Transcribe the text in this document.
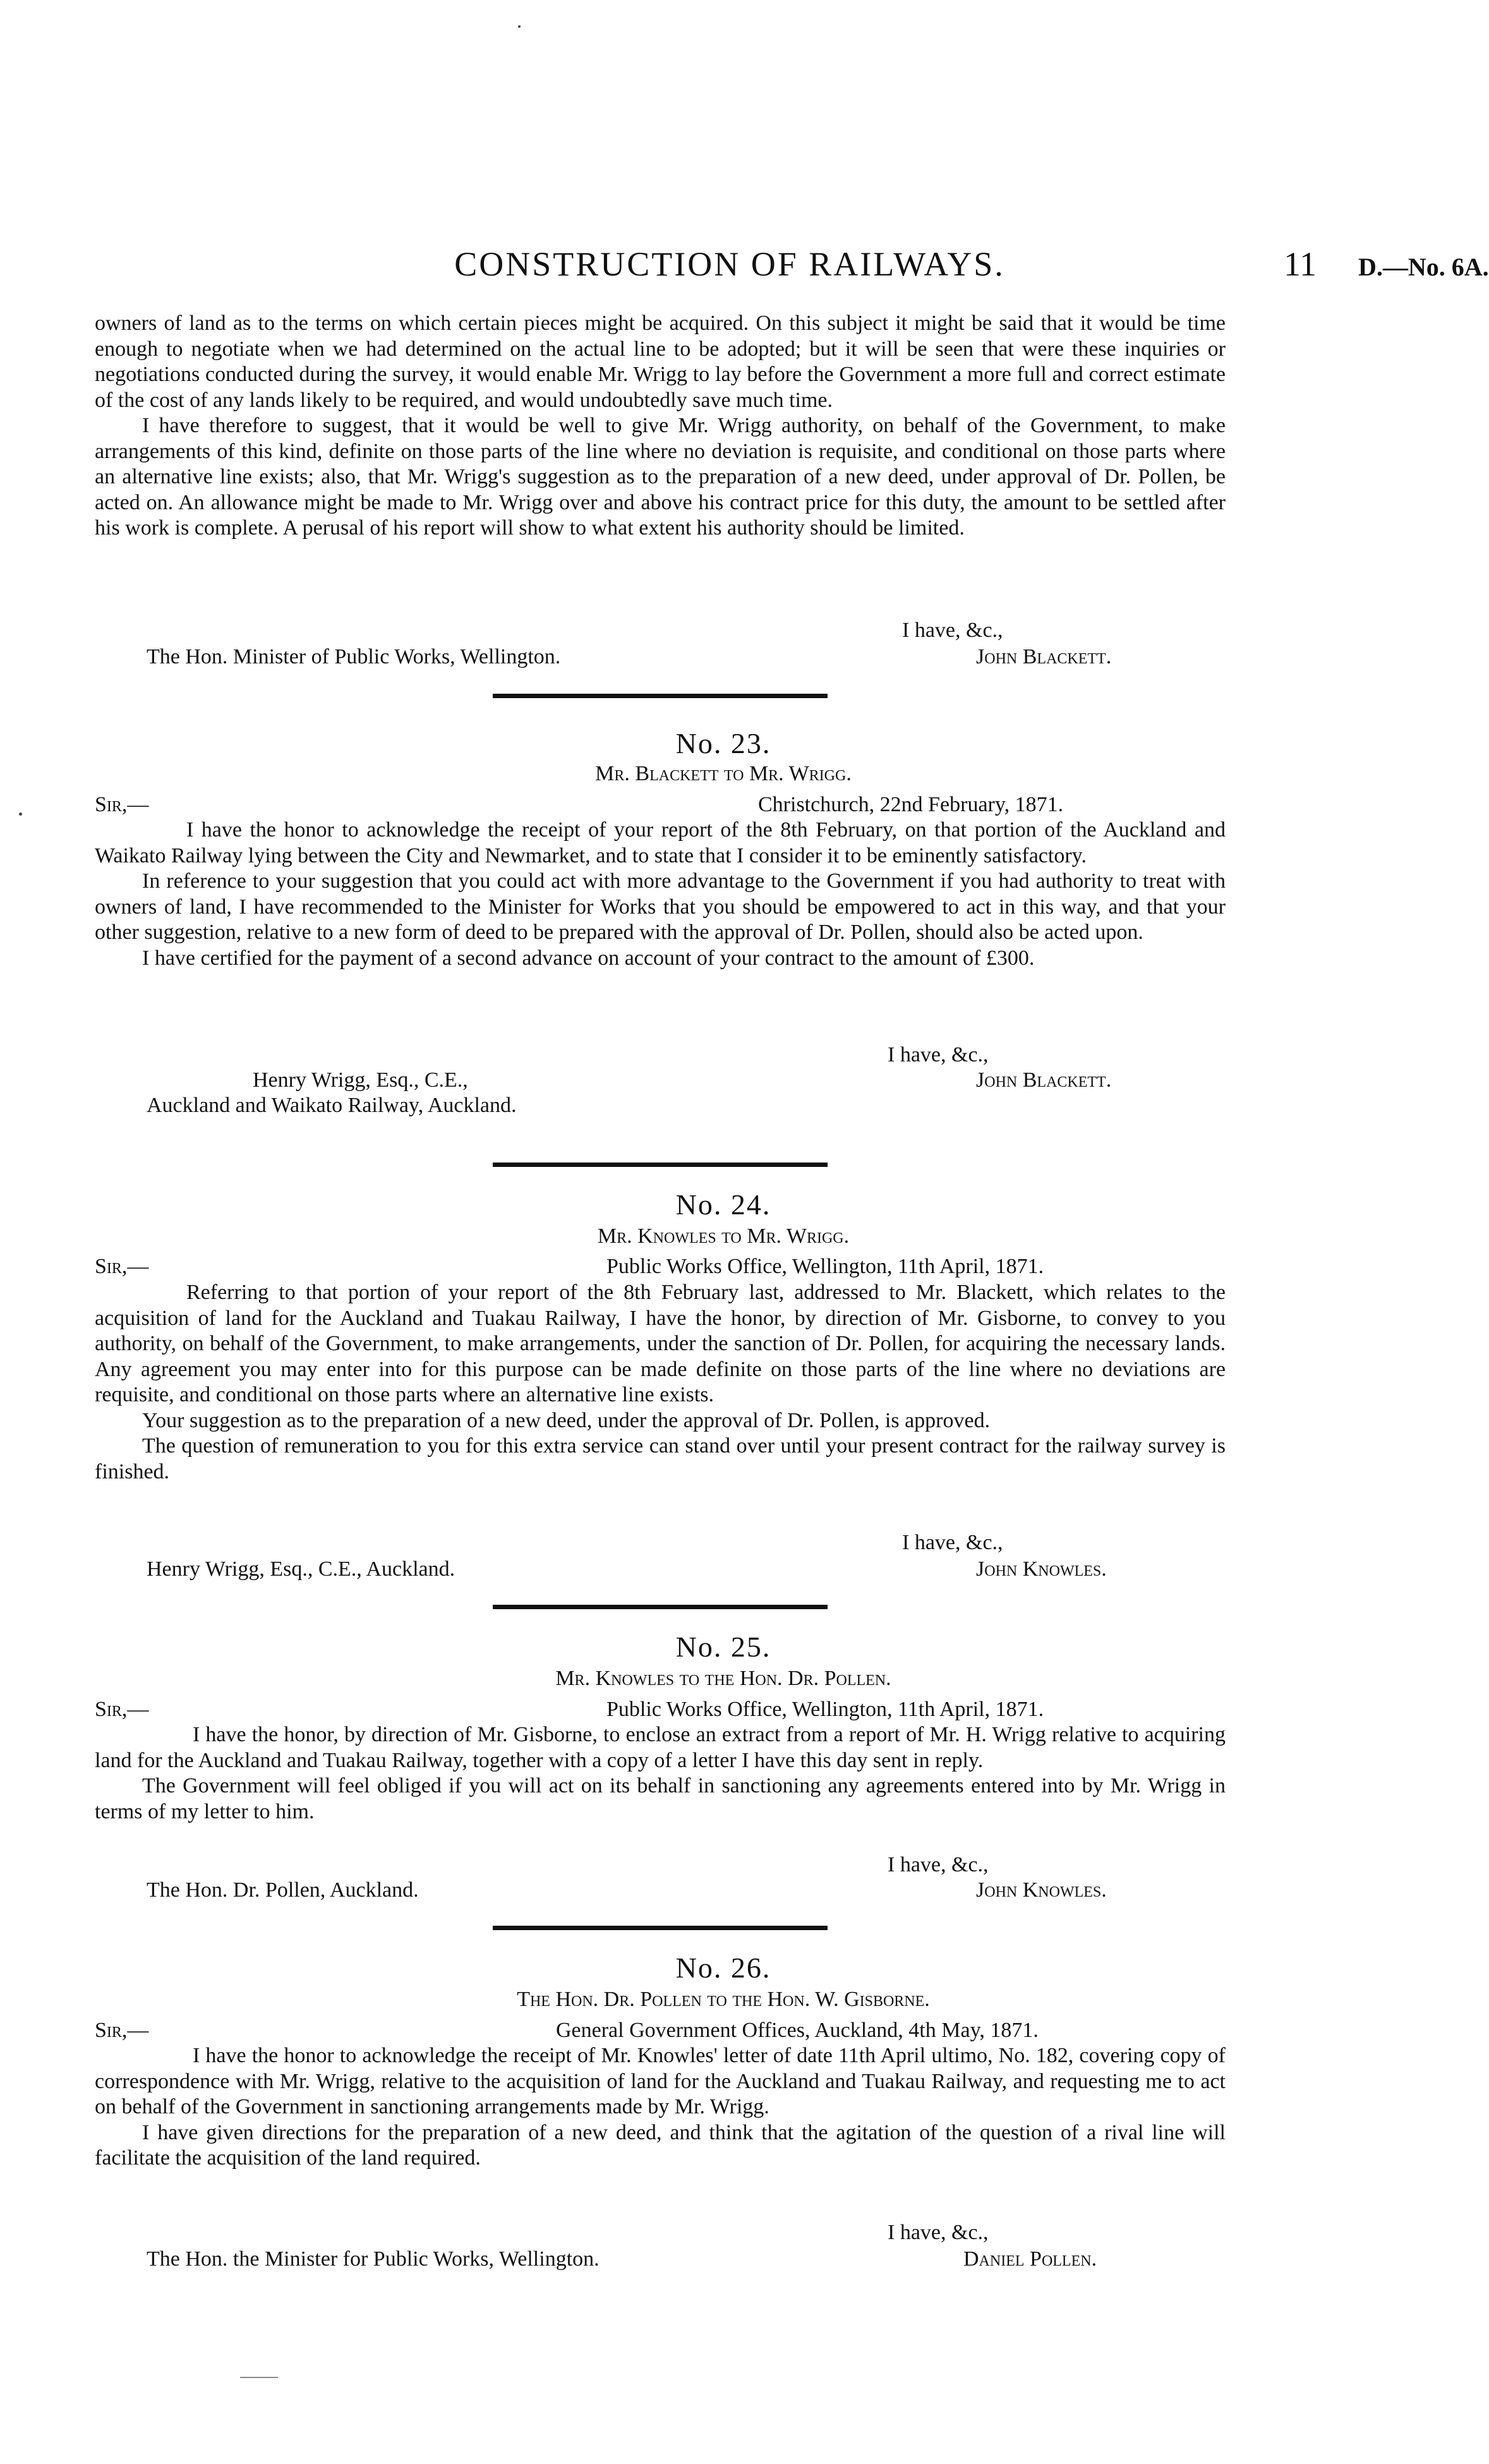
CONSTRUCTION OF RAILWAYS.	11 D.—No. 6A.

owners of land as to the terms on which certain pieces might be acquired. On this subject it might be said that it would be time enough to negotiate when we had determined on the actual line to be adopted; but it will be seen that were these inquiries or negotiations conducted during the survey, it would enable Mr. Wrigg to lay before the Government a more full and correct estimate of the cost of any lands likely to be required, and would undoubtedly save much time.

I have therefore to suggest, that it would be well to give Mr. Wrigg authority, on behalf of the Government, to make arrangements of this kind, definite on those parts of the line where no deviation is requisite, and conditional on those parts where an alternative line exists; also, that Mr. Wrigg's suggestion as to the preparation of a new deed, under approval of Dr. Pollen, be acted on. An allowance might be made to Mr. Wrigg over and above his contract price for this duty, the amount to be settled after his work is complete. A perusal of his report will show to what extent his authority should be limited.

I have, &c.,
The Hon. Minister of Public Works, Wellington.	John Blackett.
No. 23.
Mr. Blackett to Mr. Wrigg.
Sir,—	Christchurch, 22nd February, 1871.

I have the honor to acknowledge the receipt of your report of the 8th February, on that portion of the Auckland and Waikato Railway lying between the City and Newmarket, and to state that I consider it to be eminently satisfactory.

In reference to your suggestion that you could act with more advantage to the Government if you had authority to treat with owners of land, I have recommended to the Minister for Works that you should be empowered to act in this way, and that your other suggestion, relative to a new form of deed to be prepared with the approval of Dr. Pollen, should also be acted upon.

I have certified for the payment of a second advance on account of your contract to the amount of £300.

I have, &c.,
Henry Wrigg, Esq., C.E.,	John Blackett.
Auckland and Waikato Railway, Auckland.
No. 24.
Mr. Knowles to Mr. Wrigg.
Sir,—	Public Works Office, Wellington, 11th April, 1871.

Referring to that portion of your report of the 8th February last, addressed to Mr. Blackett, which relates to the acquisition of land for the Auckland and Tuakau Railway, I have the honor, by direction of Mr. Gisborne, to convey to you authority, on behalf of the Government, to make arrangements, under the sanction of Dr. Pollen, for acquiring the necessary lands. Any agreement you may enter into for this purpose can be made definite on those parts of the line where no deviations are requisite, and conditional on those parts where an alternative line exists.

Your suggestion as to the preparation of a new deed, under the approval of Dr. Pollen, is approved.

The question of remuneration to you for this extra service can stand over until your present contract for the railway survey is finished.

I have, &c.,
Henry Wrigg, Esq., C.E., Auckland.	John Knowles.
No. 25.
Mr. Knowles to the Hon. Dr. Pollen.
Sir,—	Public Works Office, Wellington, 11th April, 1871.

I have the honor, by direction of Mr. Gisborne, to enclose an extract from a report of Mr. H. Wrigg relative to acquiring land for the Auckland and Tuakau Railway, together with a copy of a letter I have this day sent in reply.

The Government will feel obliged if you will act on its behalf in sanctioning any agreements entered into by Mr. Wrigg in terms of my letter to him.

I have, &c.,
The Hon. Dr. Pollen, Auckland.	John Knowles.
No. 26.
The Hon. Dr. Pollen to the Hon. W. Gisborne.
Sir,—	General Government Offices, Auckland, 4th May, 1871.

I have the honor to acknowledge the receipt of Mr. Knowles' letter of date 11th April ultimo, No. 182, covering copy of correspondence with Mr. Wrigg, relative to the acquisition of land for the Auckland and Tuakau Railway, and requesting me to act on behalf of the Government in sanctioning arrangements made by Mr. Wrigg.

I have given directions for the preparation of a new deed, and think that the agitation of the question of a rival line will facilitate the acquisition of the land required.

I have, &c.,
The Hon. the Minister for Public Works, Wellington.	Daniel Pollen.
